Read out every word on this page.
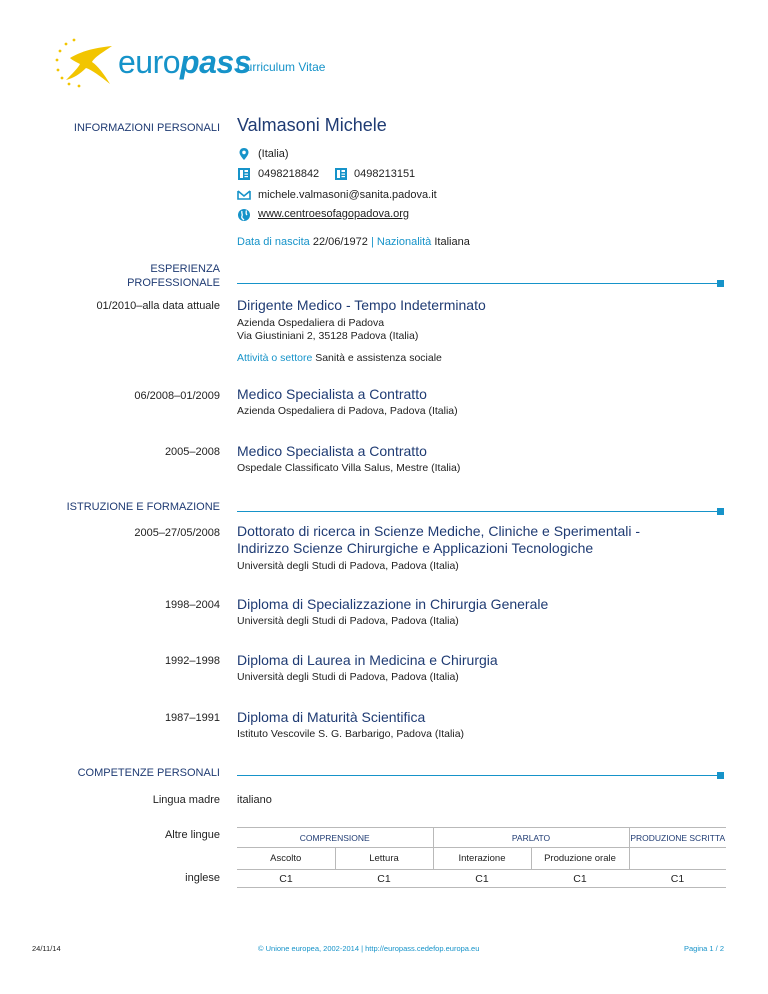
europass
Curriculum Vitae
INFORMAZIONI PERSONALI Valmasoni Michele
(Italia)
0498218842	0498213151
michele.valmasoni@sanita.padova.it
www.centroesofagopadova.org
Data di nascita 22/06/1972 | Nazionalità Italiana
ESPERIENZA
PROFESSIONALE
01/2010–alla data attuale Dirigente Medico - Tempo Indeterminato
Azienda Ospedaliera di Padova
Via Giustiniani 2, 35128 Padova (Italia)
Attività o settore Sanità e assistenza sociale
06/2008–01/2009 Medico Specialista a Contratto
Azienda Ospedaliera di Padova, Padova (Italia)
2005–2008 Medico Specialista a Contratto
Ospedale Classificato Villa Salus, Mestre (Italia)
ISTRUZIONE E FORMAZIONE
2005–27/05/2008 Dottorato di ricerca in Scienze Mediche, Cliniche e Sperimentali -
Indirizzo Scienze Chirurgiche e Applicazioni Tecnologiche
Università degli Studi di Padova, Padova (Italia)
1998–2004 Diploma di Specializzazione in Chirurgia Generale
Università degli Studi di Padova, Padova (Italia)
1992–1998 Diploma di Laurea in Medicina e Chirurgia
Università degli Studi di Padova, Padova (Italia)
1987–1991 Diploma di Maturità Scientifica
Istituto Vescovile S. G. Barbarigo, Padova (Italia)
COMPETENZE PERSONALI
Lingua madre italiano
Altre lingue
inglese
COMPRENSIONE		PARLATO		PRODUZIONE SCRITTA
Ascolto	Lettura	Interazione	Produzione orale	
C1	C1	C1	C1	C1
24/11/14	© Unione europea, 2002-2014 | http://europass.cedefop.europa.eu	Pagina 1 / 2
